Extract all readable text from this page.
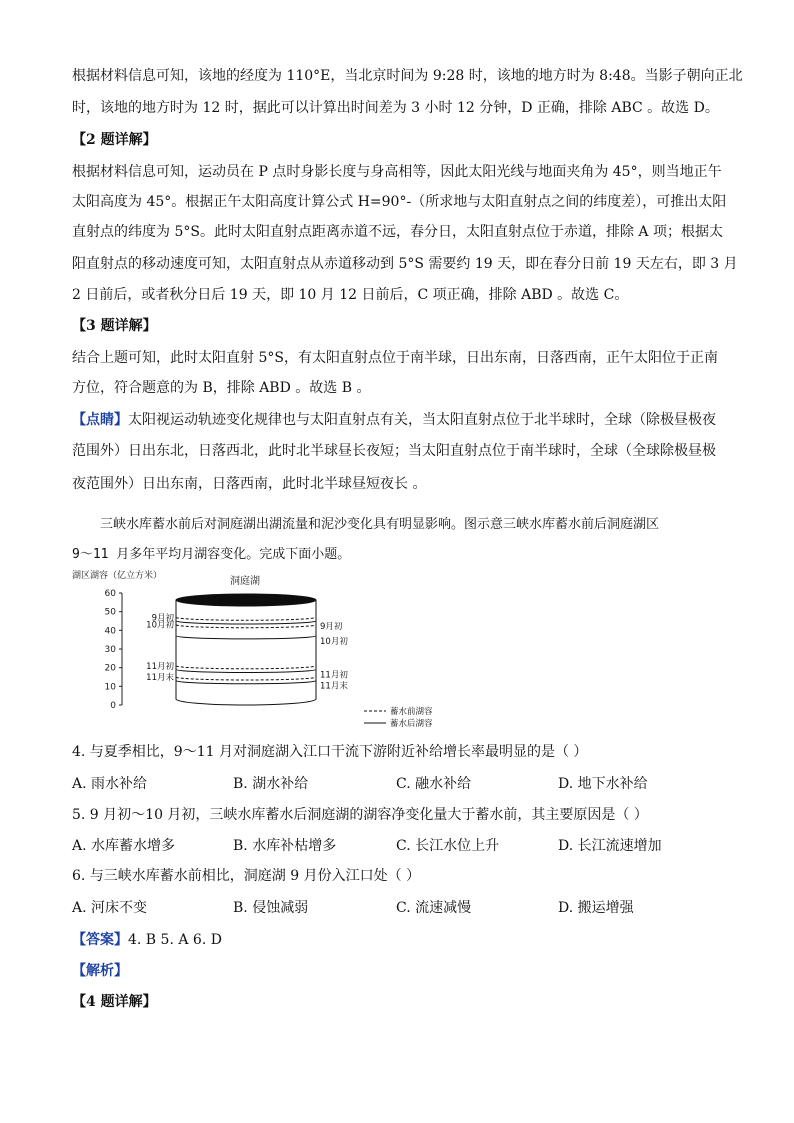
根据材料信息可知，该地的经度为 110°E，当北京时间为 9:28 时，该地的地方时为 8:48。当影子朝向正北
时，该地的地方时为 12 时，据此可以计算出时间差为 3 小时 12 分钟，D 正确，排除 ABC 。故选 D。
【2 题详解】
根据材料信息可知，运动员在 P 点时身影长度与身高相等，因此太阳光线与地面夹角为 45°，则当地正午
太阳高度为 45°。根据正午太阳高度计算公式 H=90°-（所求地与太阳直射点之间的纬度差），可推出太阳
直射点的纬度为 5°S。此时太阳直射点距离赤道不远，春分日，太阳直射点位于赤道，排除 A 项；根据太
阳直射点的移动速度可知，太阳直射点从赤道移动到 5°S 需要约 19 天，即在春分日前 19 天左右，即 3 月
2 日前后，或者秋分日后 19 天，即 10 月 12 日前后，C 项正确，排除 ABD 。故选 C。
【3 题详解】
结合上题可知，此时太阳直射 5°S，有太阳直射点位于南半球，日出东南，日落西南，正午太阳位于正南
方位，符合题意的为 B，排除 ABD 。故选 B 。
【点睛】太阳视运动轨迹变化规律也与太阳直射点有关，当太阳直射点位于北半球时，全球（除极昼极夜
范围外）日出东北，日落西北，此时北半球昼长夜短；当太阳直射点位于南半球时，全球（全球除极昼极
夜范围外）日出东南，日落西南，此时北半球昼短夜长 。
三峡水库蓄水前后对洞庭湖出湖流量和泥沙变化具有明显影响。图示意三峡水库蓄水前后洞庭湖区
9～11 月多年平均月湖容变化。完成下面小题。
湖区湖容（亿立方米）	洞庭湖
0
10
20
30
40
50
60
9月初
10月初
11月初
11月末
9月初
10月初
11月初
11月末
蓄水前湖容
蓄水后湖容
4. 与夏季相比，9～11 月对洞庭湖入江口干流下游附近补给增长率最明显的是（ ）
A. 雨水补给	B. 湖水补给	C. 融水补给	D. 地下水补给
5. 9 月初～10 月初，三峡水库蓄水后洞庭湖的湖容净变化量大于蓄水前，其主要原因是（ ）
A. 水库蓄水增多	B. 水库补枯增多	C. 长江水位上升	D. 长江流速增加
6. 与三峡水库蓄水前相比，洞庭湖 9 月份入江口处（ ）
A. 河床不变	B. 侵蚀减弱	C. 流速减慢	D. 搬运增强
【答案】4. B 5. A 6. D
【解析】
【4 题详解】
